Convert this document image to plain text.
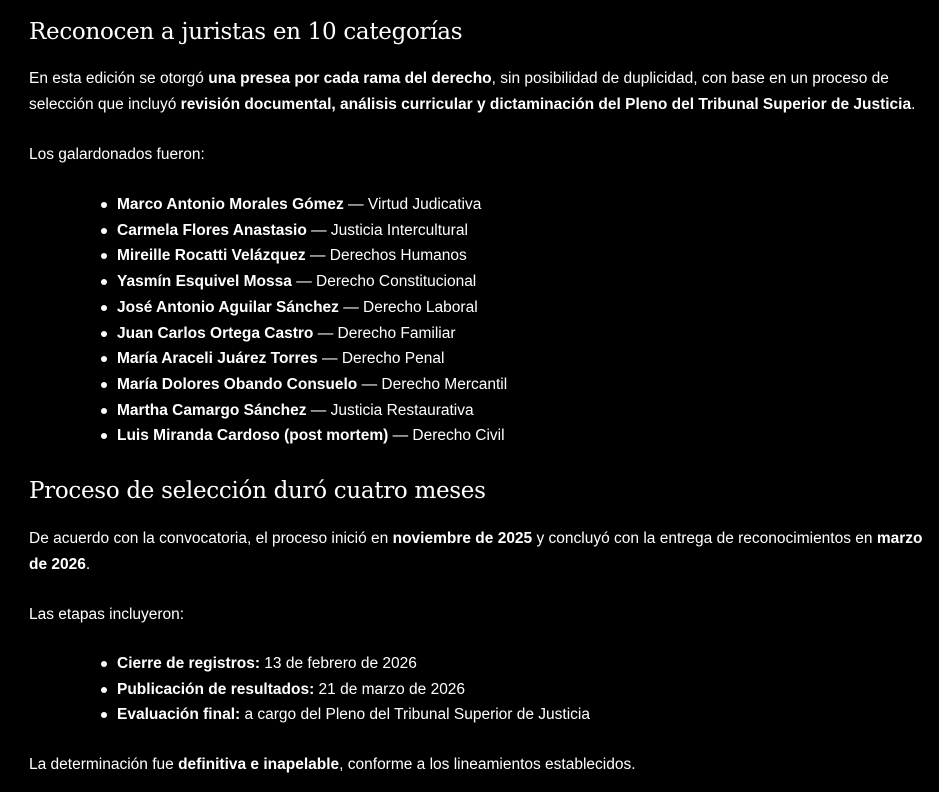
Reconocen a juristas en 10 categorías

En esta edición se otorgó una presea por cada rama del derecho, sin posibilidad de duplicidad, con base en un proceso de selección que incluyó revisión documental, análisis curricular y dictaminación del Pleno del Tribunal Superior de Justicia.

Los galardonados fueron:

Marco Antonio Morales Gómez — Virtud Judicativa
Carmela Flores Anastasio — Justicia Intercultural
Mireille Rocatti Velázquez — Derechos Humanos
Yasmín Esquivel Mossa — Derecho Constitucional
José Antonio Aguilar Sánchez — Derecho Laboral
Juan Carlos Ortega Castro — Derecho Familiar
María Araceli Juárez Torres — Derecho Penal
María Dolores Obando Consuelo — Derecho Mercantil
Martha Camargo Sánchez — Justicia Restaurativa
Luis Miranda Cardoso (post mortem) — Derecho Civil
Proceso de selección duró cuatro meses

De acuerdo con la convocatoria, el proceso inició en noviembre de 2025 y concluyó con la entrega de reconocimientos en marzo de 2026.

Las etapas incluyeron:

Cierre de registros: 13 de febrero de 2026
Publicación de resultados: 21 de marzo de 2026
Evaluación final: a cargo del Pleno del Tribunal Superior de Justicia

La determinación fue definitiva e inapelable, conforme a los lineamientos establecidos.
